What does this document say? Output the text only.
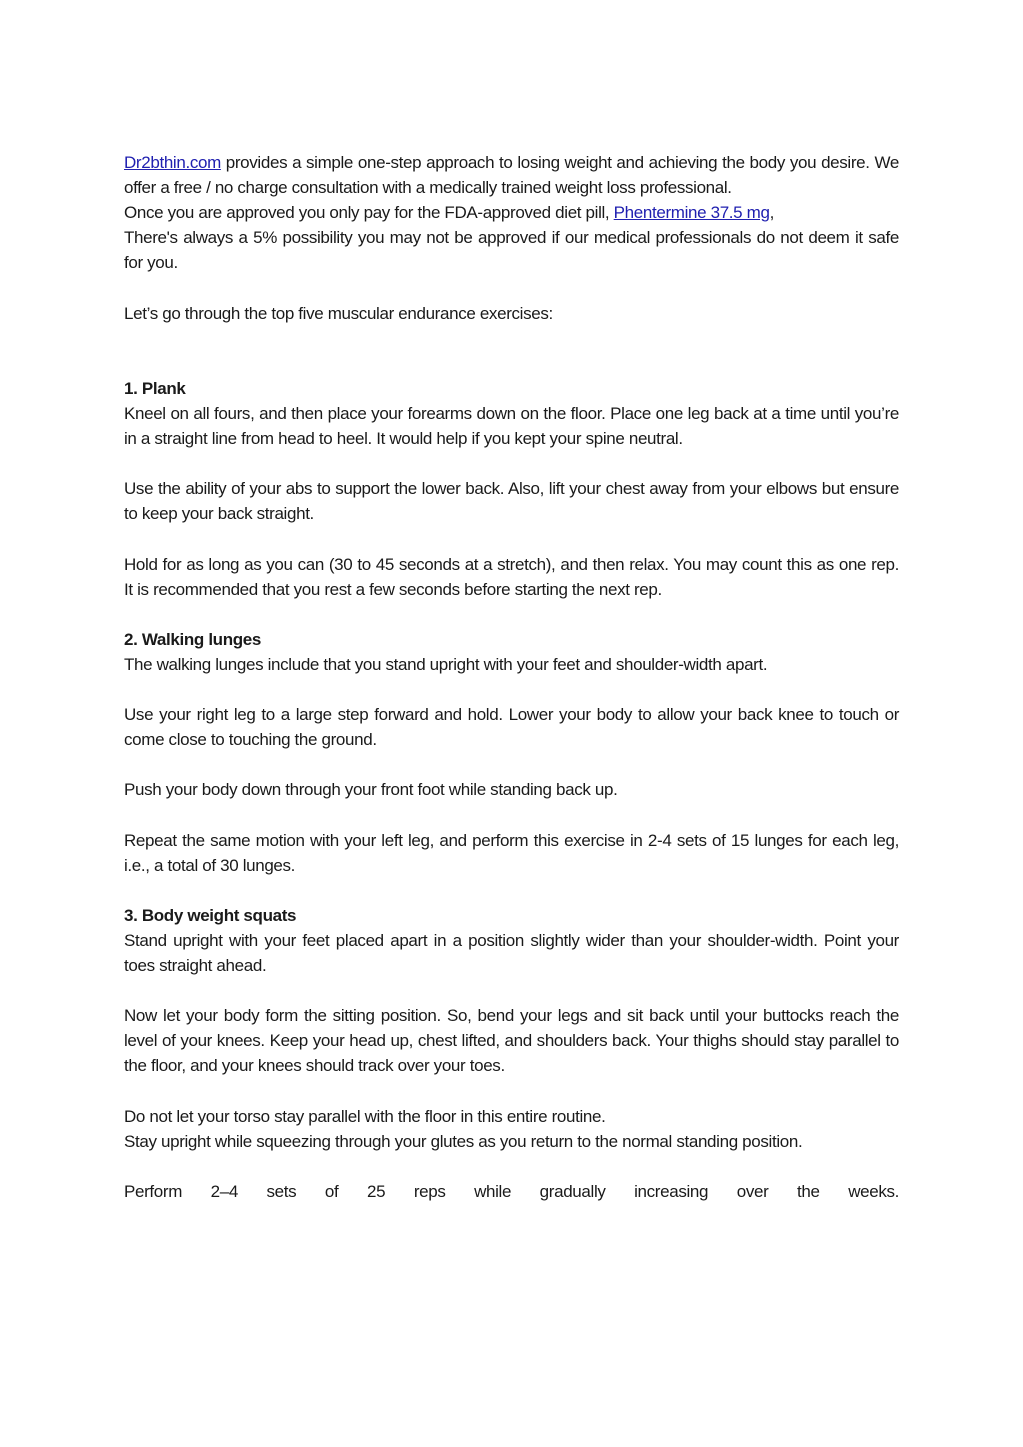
Dr2bthin.com provides a simple one-step approach to losing weight and achieving the body you desire. We offer a free / no charge consultation with a medically trained weight loss professional.

Once you are approved you only pay for the FDA-approved diet pill, Phentermine 37.5 mg,

There's always a 5% possibility you may not be approved if our medical professionals do not deem it safe for you.

Let’s go through the top five muscular endurance exercises:

1. Plank

Kneel on all fours, and then place your forearms down on the floor. Place one leg back at a time until you’re in a straight line from head to heel. It would help if you kept your spine neutral.

Use the ability of your abs to support the lower back. Also, lift your chest away from your elbows but ensure to keep your back straight.

Hold for as long as you can (30 to 45 seconds at a stretch), and then relax. You may count this as one rep. It is recommended that you rest a few seconds before starting the next rep.

2. Walking lunges

The walking lunges include that you stand upright with your feet and shoulder-width apart.

Use your right leg to a large step forward and hold. Lower your body to allow your back knee to touch or come close to touching the ground.

Push your body down through your front foot while standing back up.

Repeat the same motion with your left leg, and perform this exercise in 2-4 sets of 15 lunges for each leg, i.e., a total of 30 lunges.

3. Body weight squats

Stand upright with your feet placed apart in a position slightly wider than your shoulder-width. Point your toes straight ahead.

Now let your body form the sitting position. So, bend your legs and sit back until your buttocks reach the level of your knees. Keep your head up, chest lifted, and shoulders back. Your thighs should stay parallel to the floor, and your knees should track over your toes.

Do not let your torso stay parallel with the floor in this entire routine.

Stay upright while squeezing through your glutes as you return to the normal standing position.

Perform 2–4 sets of 25 reps while gradually increasing over the weeks.
